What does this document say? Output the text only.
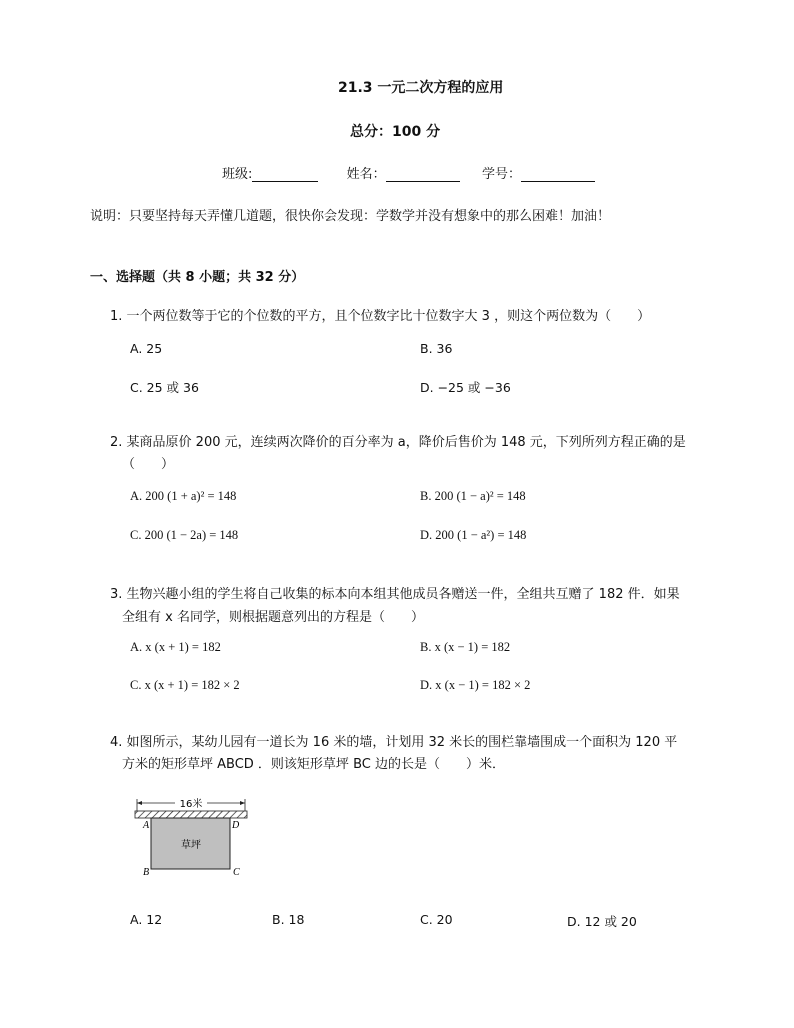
21.3 一元二次方程的应用
总分：100 分
班级:	姓名：	学号：
说明：只要坚持每天弄懂几道题，很快你会发现：学数学并没有想象中的那么困难！加油！
一、选择题（共 8 小题；共 32 分）
1. 一个两位数等于它的个位数的平方，且个位数字比十位数字大 3 ，则这个两位数为（　　）
A. 25	B. 36
C. 25 或 36	D. −25 或 −36
2. 某商品原价 200 元，连续两次降价的百分率为 a，降价后售价为 148 元，下列所列方程正确的是
（　　）
A. 200 (1 + a)² = 148	B. 200 (1 − a)² = 148
C. 200 (1 − 2a) = 148	D. 200 (1 − a²) = 148
3. 生物兴趣小组的学生将自己收集的标本向本组其他成员各赠送一件，全组共互赠了 182 件．如果
全组有 x 名同学，则根据题意列出的方程是（　　）
A. x (x + 1) = 182	B. x (x − 1) = 182
C. x (x + 1) = 182 × 2	D. x (x − 1) = 182 × 2
4. 如图所示，某幼儿园有一道长为 16 米的墙，计划用 32 米长的围栏靠墙围成一个面积为 120 平
方米的矩形草坪 ABCD ．则该矩形草坪 BC 边的长是（　　）米．
16米
草坪
A	D
B	C
A. 12	B. 18	C. 20	D. 12 或 20
